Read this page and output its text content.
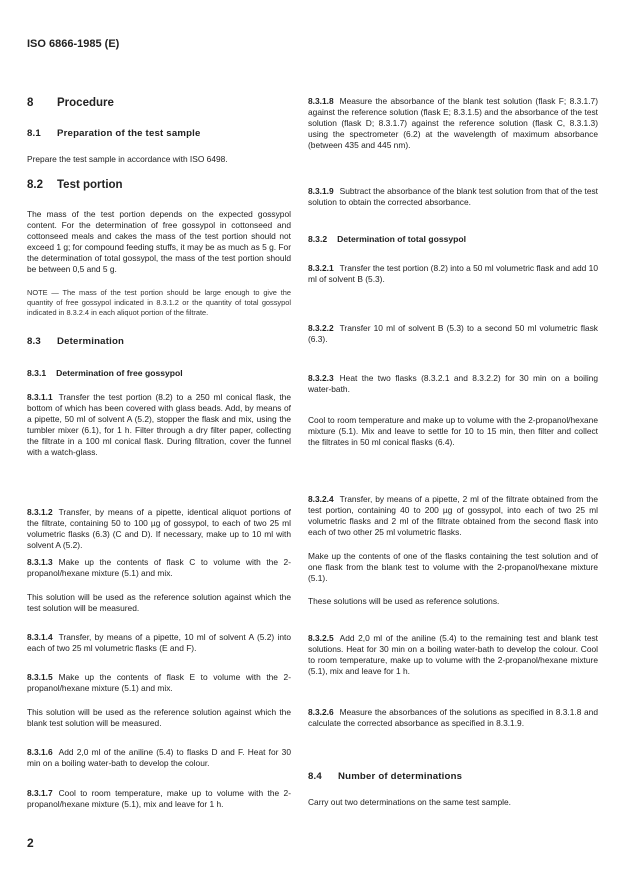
ISO 6866-1985 (E)
8 Procedure
8.1 Preparation of the test sample
Prepare the test sample in accordance with ISO 6498.
8.2 Test portion
The mass of the test portion depends on the expected gossypol content. For the determination of free gossypol in cottonseed and cottonseed meals and cakes the mass of the test portion should not exceed 1 g; for compound feeding stuffs, it may be as much as 5 g. For the determination of total gossypol, the mass of the test portion should be between 0,5 and 5 g.
NOTE — The mass of the test portion should be large enough to give the quantity of free gossypol indicated in 8.3.1.2 or the quantity of total gossypol indicated in 8.3.2.4 in each aliquot portion of the filtrate.
8.3 Determination
8.3.1 Determination of free gossypol
8.3.1.1 Transfer the test portion (8.2) to a 250 ml conical flask, the bottom of which has been covered with glass beads. Add, by means of a pipette, 50 ml of solvent A (5.2), stopper the flask and mix, using the tumbler mixer (6.1), for 1 h. Filter through a dry filter paper, collecting the filtrate in a 100 ml conical flask. During filtration, cover the funnel with a watch-glass.
8.3.1.2 Transfer, by means of a pipette, identical aliquot portions of the filtrate, containing 50 to 100 µg of gossypol, to each of two 25 ml volumetric flasks (6.3) (C and D). If necessary, make up to 10 ml with solvent A (5.2).
8.3.1.3 Make up the contents of flask C to volume with the 2-propanol/hexane mixture (5.1) and mix.
This solution will be used as the reference solution against which the test solution will be measured.
8.3.1.4 Transfer, by means of a pipette, 10 ml of solvent A (5.2) into each of two 25 ml volumetric flasks (E and F).
8.3.1.5 Make up the contents of flask E to volume with the 2-propanol/hexane mixture (5.1) and mix.
This solution will be used as the reference solution against which the blank test solution will be measured.
8.3.1.6 Add 2,0 ml of the aniline (5.4) to flasks D and F. Heat for 30 min on a boiling water-bath to develop the colour.
8.3.1.7 Cool to room temperature, make up to volume with the 2-propanol/hexane mixture (5.1), mix and leave for 1 h.
2
8.3.1.8 Measure the absorbance of the blank test solution (flask F; 8.3.1.7) against the reference solution (flask E; 8.3.1.5) and the absorbance of the test solution (flask D; 8.3.1.7) against the reference solution (flask C, 8.3.1.3) using the spectrometer (6.2) at the wavelength of maximum absorbance (between 435 and 445 nm).
8.3.1.9 Subtract the absorbance of the blank test solution from that of the test solution to obtain the corrected absorbance.
8.3.2 Determination of total gossypol
8.3.2.1 Transfer the test portion (8.2) into a 50 ml volumetric flask and add 10 ml of solvent B (5.3).
8.3.2.2 Transfer 10 ml of solvent B (5.3) to a second 50 ml volumetric flask (6.3).
8.3.2.3 Heat the two flasks (8.3.2.1 and 8.3.2.2) for 30 min on a boiling water-bath.
Cool to room temperature and make up to volume with the 2-propanol/hexane mixture (5.1). Mix and leave to settle for 10 to 15 min, then filter and collect the filtrates in 50 ml conical flasks (6.4).
8.3.2.4 Transfer, by means of a pipette, 2 ml of the filtrate obtained from the test portion, containing 40 to 200 µg of gossypol, into each of two 25 ml volumetric flasks and 2 ml of the filtrate obtained from the second flask into each of two other 25 ml volumetric flasks.
Make up the contents of one of the flasks containing the test solution and of one flask from the blank test to volume with the 2-propanol/hexane mixture (5.1).
These solutions will be used as reference solutions.
8.3.2.5 Add 2,0 ml of the aniline (5.4) to the remaining test and blank test solutions. Heat for 30 min on a boiling water-bath to develop the colour. Cool to room temperature, make up to volume with the 2-propanol/hexane mixture (5.1), mix and leave for 1 h.
8.3.2.6 Measure the absorbances of the solutions as specified in 8.3.1.8 and calculate the corrected absorbance as specified in 8.3.1.9.
8.4 Number of determinations
Carry out two determinations on the same test sample.
